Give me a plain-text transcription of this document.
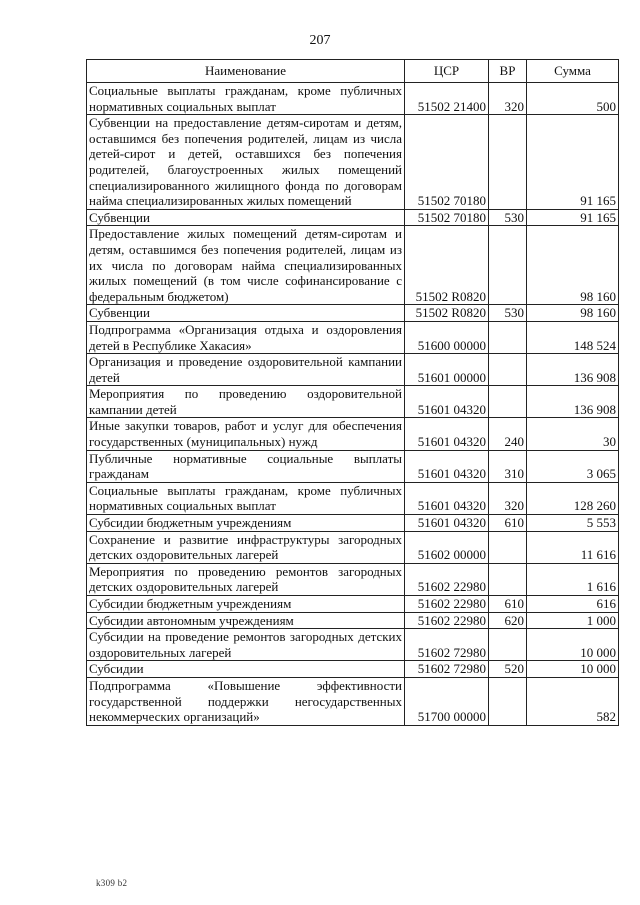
207
Наименование	ЦСР	ВР	Сумма
Социальные выплаты гражданам, кроме публичных нормативных социальных выплат	51502 21400	320	500
Субвенции на предоставление детям-сиротам и детям, оставшимся без попечения родителей, лицам из числа детей-сирот и детей, оставшихся без попечения родителей, благоустроенных жилых помещений специализированного жилищного фонда по договорам найма специализированных жилых помещений	51502 70180		91 165
Субвенции	51502 70180	530	91 165
Предоставление жилых помещений детям-сиротам и детям, оставшимся без попечения родителей, лицам из их числа по договорам найма специализированных жилых помещений (в том числе софинансирование с федеральным бюджетом)	51502 R0820		98 160
Субвенции	51502 R0820	530	98 160
Подпрограмма «Организация отдыха и оздоровления детей в Республике Хакасия»	51600 00000		148 524
Организация и проведение оздоровительной кампании детей	51601 00000		136 908
Мероприятия по проведению оздоровительной кампании детей	51601 04320		136 908
Иные закупки товаров, работ и услуг для обеспечения государственных (муниципальных) нужд	51601 04320	240	30
Публичные нормативные социальные выплаты гражданам	51601 04320	310	3 065
Социальные выплаты гражданам, кроме публичных нормативных социальных выплат	51601 04320	320	128 260
Субсидии бюджетным учреждениям	51601 04320	610	5 553
Сохранение и развитие инфраструктуры загородных детских оздоровительных лагерей	51602 00000		11 616
Мероприятия по проведению ремонтов загородных детских оздоровительных лагерей	51602 22980		1 616
Субсидии бюджетным учреждениям	51602 22980	610	616
Субсидии автономным учреждениям	51602 22980	620	1 000
Субсидии на проведение ремонтов загородных детских оздоровительных лагерей	51602 72980		10 000
Субсидии	51602 72980	520	10 000
Подпрограмма «Повышение эффективности государственной поддержки негосударственных некоммерческих организаций»	51700 00000		582
k309 b2
